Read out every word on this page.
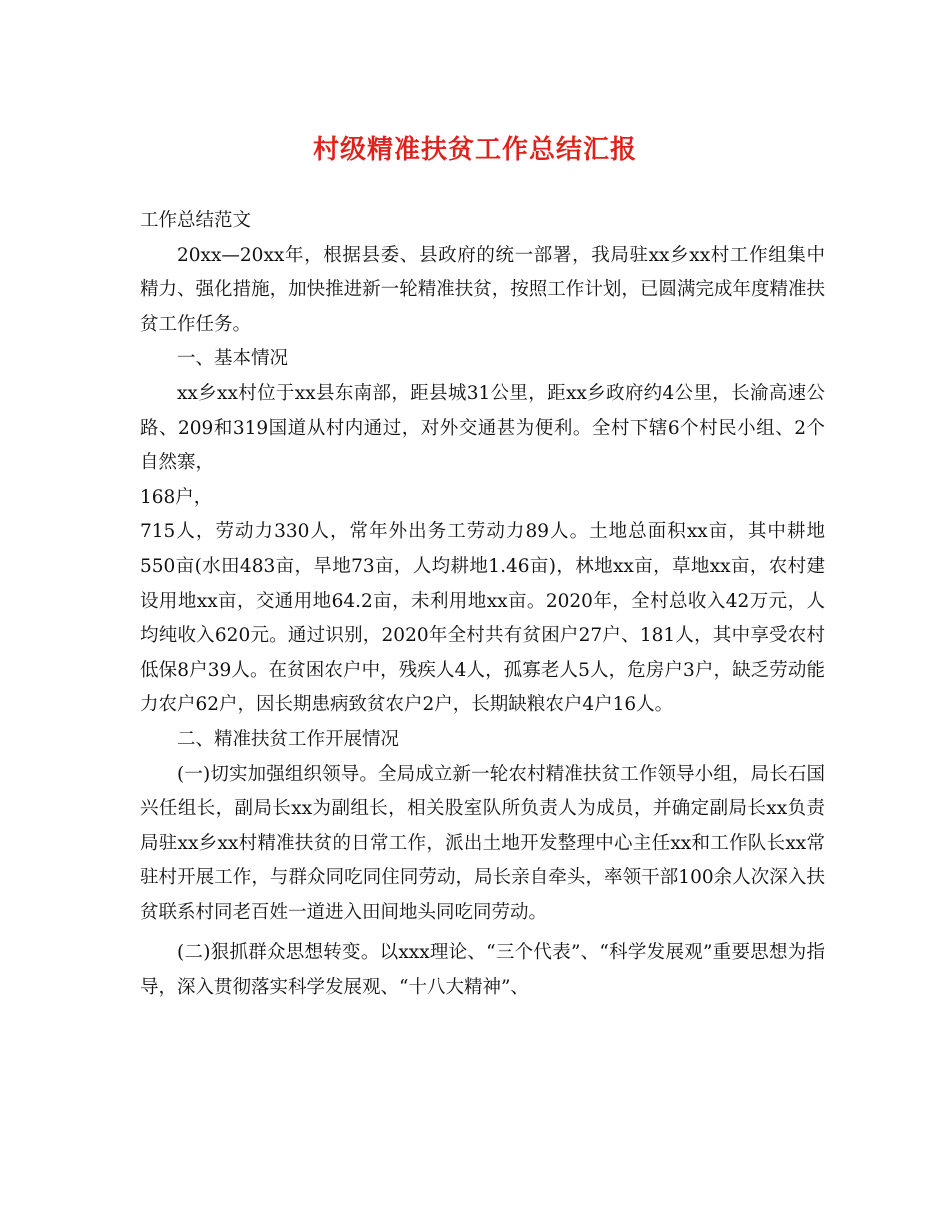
村级精准扶贫工作总结汇报

工作总结范文

20xx—20xx年，根据县委、县政府的统一部署，我局驻xx乡xx村工作组集中精力、强化措施，加快推进新一轮精准扶贫，按照工作计划，已圆满完成年度精准扶贫工作任务。

一、基本情况

xx乡xx村位于xx县东南部，距县城31公里，距xx乡政府约4公里，长渝高速公路、209和319国道从村内通过，对外交通甚为便利。全村下辖6个村民小组、2个自然寨，

168户，

715人，劳动力330人，常年外出务工劳动力89人。土地总面积xx亩，其中耕地550亩(水田483亩，旱地73亩，人均耕地1.46亩)，林地xx亩，草地xx亩，农村建设用地xx亩，交通用地64.2亩，未利用地xx亩。2020年，全村总收入42万元，人均纯收入620元。通过识别，2020年全村共有贫困户27户、181人，其中享受农村低保8户39人。在贫困农户中，残疾人4人，孤寡老人5人，危房户3户，缺乏劳动能力农户62户，因长期患病致贫农户2户，长期缺粮农户4户16人。

二、精准扶贫工作开展情况

(一)切实加强组织领导。全局成立新一轮农村精准扶贫工作领导小组，局长石国兴任组长，副局长xx为副组长，相关股室队所负责人为成员，并确定副局长xx负责局驻xx乡xx村精准扶贫的日常工作，派出土地开发整理中心主任xx和工作队长xx常驻村开展工作，与群众同吃同住同劳动，局长亲自牵头，率领干部100余人次深入扶贫联系村同老百姓一道进入田间地头同吃同劳动。

(二)狠抓群众思想转变。以xxx理论、“三个代表”、“科学发展观”重要思想为指导，深入贯彻落实科学发展观、“十八大精神”、
